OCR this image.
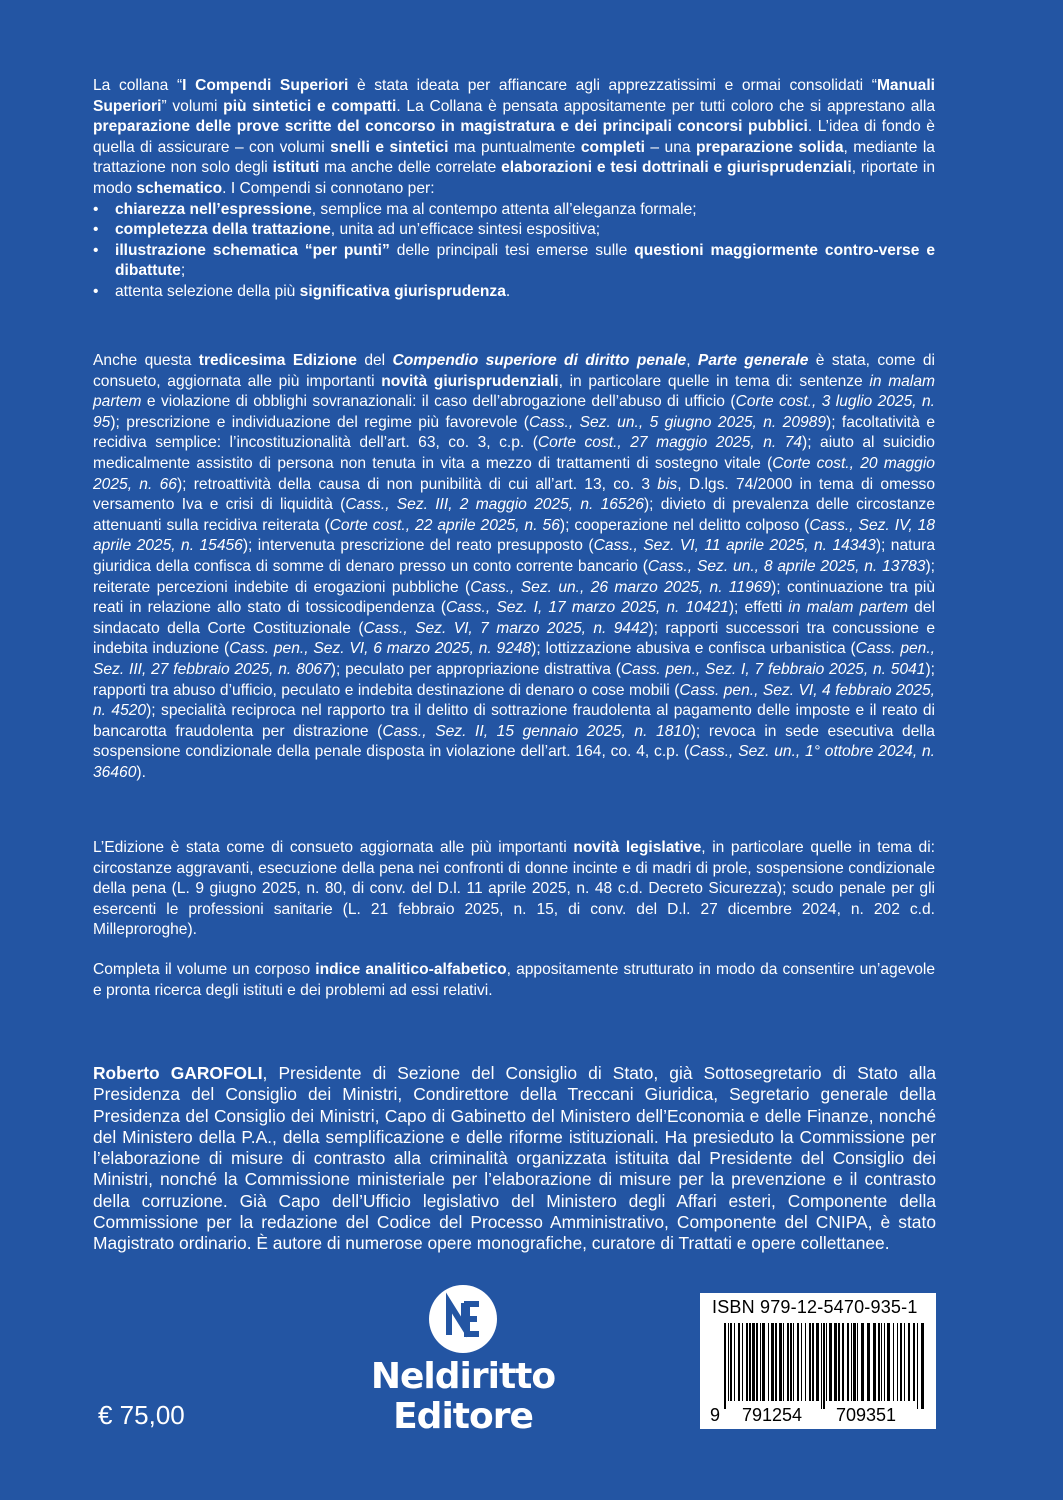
La collana “I Compendi Superiori è stata ideata per affiancare agli apprezzatissimi e ormai consolidati “Manuali Superiori” volumi più sintetici e compatti. La Collana è pensata appositamente per tutti coloro che si apprestano alla preparazione delle prove scritte del concorso in magistratura e dei principali concorsi pubblici. L’idea di fondo è quella di assicurare – con volumi snelli e sintetici ma puntualmente completi – una preparazione solida, mediante la trattazione non solo degli istituti ma anche delle correlate elaborazioni e tesi dottrinali e giurisprudenziali, riportate in modo schematico. I Compendi si connotano per:

• chiarezza nell’espressione, semplice ma al contempo attenta all’eleganza formale;
• completezza della trattazione, unita ad un’efficace sintesi espositiva;
• illustrazione schematica “per punti” delle principali tesi emerse sulle questioni maggiormente contro-verse e dibattute;
• attenta selezione della più significativa giurisprudenza.

Anche questa tredicesima Edizione del Compendio superiore di diritto penale, Parte generale è stata, come di consueto, aggiornata alle più importanti novità giurisprudenziali, in particolare quelle in tema di: sentenze in malam partem e violazione di obblighi sovranazionali: il caso dell’abrogazione dell’abuso di ufficio (Corte cost., 3 luglio 2025, n. 95); prescrizione e individuazione del regime più favorevole (Cass., Sez. un., 5 giugno 2025, n. 20989); facoltatività e recidiva semplice: l’incostituzionalità dell’art. 63, co. 3, c.p. (Corte cost., 27 maggio 2025, n. 74); aiuto al suicidio medicalmente assistito di persona non tenuta in vita a mezzo di trattamenti di sostegno vitale (Corte cost., 20 maggio 2025, n. 66); retroattività della causa di non punibilità di cui all’art. 13, co. 3 bis, D.lgs. 74/2000 in tema di omesso versamento Iva e crisi di liquidità (Cass., Sez. III, 2 maggio 2025, n. 16526); divieto di prevalenza delle circostanze attenuanti sulla recidiva reiterata (Corte cost., 22 aprile 2025, n. 56); cooperazione nel delitto colposo (Cass., Sez. IV, 18 aprile 2025, n. 15456); intervenuta prescrizione del reato presupposto (Cass., Sez. VI, 11 aprile 2025, n. 14343); natura giuridica della confisca di somme di denaro presso un conto corrente bancario (Cass., Sez. un., 8 aprile 2025, n. 13783); reiterate percezioni indebite di erogazioni pubbliche (Cass., Sez. un., 26 marzo 2025, n. 11969); continuazione tra più reati in relazione allo stato di tossicodipendenza (Cass., Sez. I, 17 marzo 2025, n. 10421); effetti in malam partem del sindacato della Corte Costituzionale (Cass., Sez. VI, 7 marzo 2025, n. 9442); rapporti successori tra concussione e indebita induzione (Cass. pen., Sez. VI, 6 marzo 2025, n. 9248); lottizzazione abusiva e confisca urbanistica (Cass. pen., Sez. III, 27 febbraio 2025, n. 8067); peculato per appropriazione distrattiva (Cass. pen., Sez. I, 7 febbraio 2025, n. 5041); rapporti tra abuso d’ufficio, peculato e indebita destinazione di denaro o cose mobili (Cass. pen., Sez. VI, 4 febbraio 2025, n. 4520); specialità reciproca nel rapporto tra il delitto di sottrazione fraudolenta al pagamento delle imposte e il reato di bancarotta fraudolenta per distrazione (Cass., Sez. II, 15 gennaio 2025, n. 1810); revoca in sede esecutiva della sospensione condizionale della penale disposta in violazione dell’art. 164, co. 4, c.p. (Cass., Sez. un., 1° ottobre 2024, n. 36460).

L’Edizione è stata come di consueto aggiornata alle più importanti novità legislative, in particolare quelle in tema di: circostanze aggravanti, esecuzione della pena nei confronti di donne incinte e di madri di prole, sospensione condizionale della pena (L. 9 giugno 2025, n. 80, di conv. del D.l. 11 aprile 2025, n. 48 c.d. Decreto Sicurezza); scudo penale per gli esercenti le professioni sanitarie (L. 21 febbraio 2025, n. 15, di conv. del D.l. 27 dicembre 2024, n. 202 c.d. Milleproroghe).

Completa il volume un corposo indice analitico-alfabetico, appositamente strutturato in modo da consentire un’agevole e pronta ricerca degli istituti e dei problemi ad essi relativi.

Roberto GAROFOLI, Presidente di Sezione del Consiglio di Stato, già Sottosegretario di Stato alla Presidenza del Consiglio dei Ministri, Condirettore della Treccani Giuridica, Segretario generale della Presidenza del Consiglio dei Ministri, Capo di Gabinetto del Ministero dell’Economia e delle Finanze, nonché del Ministero della P.A., della semplificazione e delle riforme istituzionali. Ha presieduto la Commissione per l’elaborazione di misure di contrasto alla criminalità organizzata istituita dal Presidente del Consiglio dei Ministri, nonché la Commissione ministeriale per l’elaborazione di misure per la prevenzione e il contrasto della corruzione. Già Capo dell’Ufficio legislativo del Ministero degli Affari esteri, Componente della Commissione per la redazione del Codice del Processo Amministrativo, Componente del CNIPA, è stato Magistrato ordinario. È autore di numerose opere monografiche, curatore di Trattati e opere collettanee.

Neldiritto
Editore
€ 75,00
ISBN 979-12-5470-935-1
9 791254 709351
